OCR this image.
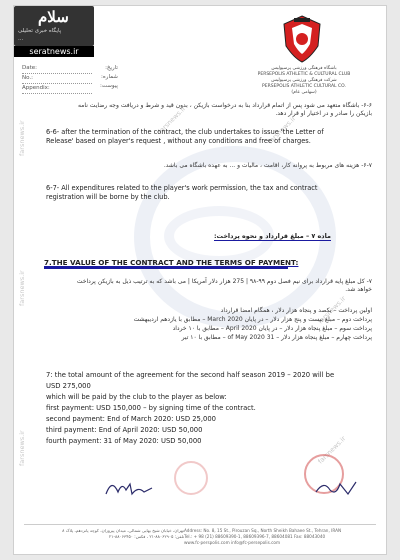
سلام
پایگاه خبری تحلیلی
...
seratnews.ir
Date:
No.:
Appendix:
تاریخ:
شماره:
پیوست:
باشگاه فرهنگی ورزشی پرسپولیس
PERSEPOLIS ATHLETIC & CULTURAL CLUB
شرکت فرهنگی ورزشی پرسپولیس
PERSEPOLIS ATHLETIC CULTURAL CO.
(سهامی عام)
farsnews.ir
farsnews.ir
farsnews.ir
farsnews.ir	farsnews.ir
farsnews.ir
farsnews.ir
۶-۶- باشگاه متعهد می شود پس از اتمام قرارداد بنا به درخواست بازیکن ، بدون قید و شرط و دریافت وجه رضایت نامه
بازیکن را صادر و در اختیار او قرار دهد.
6-6- after the termination of the contract, the club undertakes to issue 'the Letter of
Release' based on player's request , without any conditions and free of charges.
۶-۷- هزینه های مربوط به پروانه کار، اقامت ، مالیات و ... به عهده باشگاه می باشد.
6-7- All expenditures related to the player's work permission, the tax and contract
registration will be borne by the club.
ماده ۷ – مبلغ قرارداد و نحوه پرداخت:
7.THE VALUE OF THE CONTRACT AND THE TERMS OF PAYMENT:
۷- کل مبلغ پایه قرارداد برای نیم فصل دوم ۹۹-۹۸ | 275 هزار دلار آمریکا | می باشد که به ترتیب ذیل به بازیکن پرداخت
خواهد شد.
اولین پرداخت – یکصد و پنجاه هزار دلار ، همگام امضا قرارداد
پرداخت دوم – مبلغ بیست و پنج هزار دلار – در پایان March 2020 – مطابق با یازدهم اردیبهشت
پرداخت سوم – مبلغ پنجاه هزار دلار – در پایان April 2020 – مطابق با ۱۰ خرداد
پرداخت چهارم – مبلغ پنجاه هزار دلار – 31 of May 2020 – مطابق با ۱۰ تیر
7: the total amount of the agreement for the second half season 2019 – 2020 will be
USD 275,000
which will be paid by the club to the player as below:
first payment: USD 150,000 – by signing time of the contract.
second payment: End of March 2020: USD 25,000
third payment: End of April 2020: USD 50,000
fourth payment: 31 of May 2020: USD 50,000
تهران، خیابان شیخ بهایی شمالی، میدان پیروزان، کوچه پانزدهم، پلاک ۸
تلفن: ۸۸۰۶۲۹۰۵-۲۱ ، فکس: ۸۸۰۶۳۴۵۰-۲۱
Address: No. 8, 15 St., Pirouzan Sq., North Sheikh Bahaee St., Tehran, IRAN
Tel.: + 98 (21) 88609390-1, 88609396-7, 88604081 Fax: 88043040
www.fc-perspolis.com info@fc-persepolis.com
